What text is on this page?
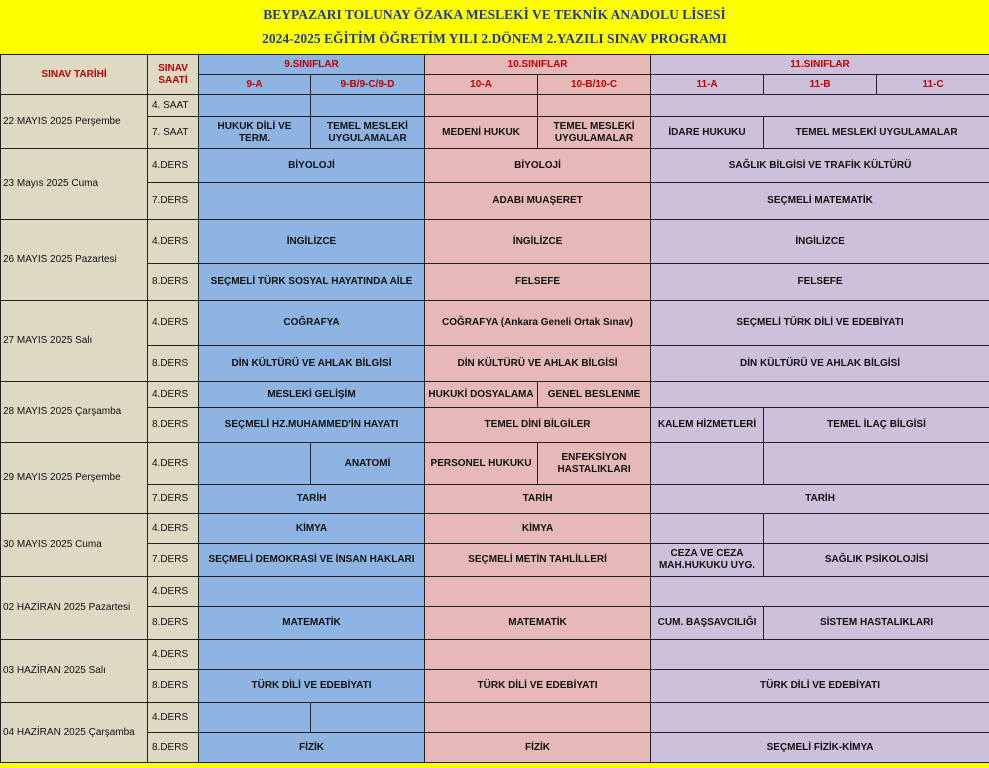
BEYPAZARI TOLUNAY ÖZAKA MESLEKİ VE TEKNİK ANADOLU LİSESİ
2024-2025 EĞİTİM ÖĞRETİM YILI 2.DÖNEM 2.YAZILI SINAV PROGRAMI
SINAV TARİHİ	SINAV SAATİ	9.SINIFLAR		10.SINIFLAR		11.SINIFLAR		
		9-A	9-B/9-C/9-D	10-A	10-B/10-C	11-A	11-B	11-C
22 MAYIS 2025 Perşembe	4. SAAT							
	7. SAAT	HUKUK DİLİ VE TERM.	TEMEL MESLEKİ UYGULAMALAR	MEDENİ HUKUK	TEMEL MESLEKİ UYGULAMALAR	İDARE HUKUKU	TEMEL MESLEKİ UYGULAMALAR	
23 Mayıs 2025 Cuma	4.DERS	BİYOLOJİ		BİYOLOJİ		SAĞLIK BİLGİSİ VE TRAFİK KÜLTÜRÜ		
	7.DERS			ADABI MUAŞERET		SEÇMELİ MATEMATİK		
26 MAYIS 2025 Pazartesi	4.DERS	İNGİLİZCE		İNGİLİZCE		İNGİLİZCE		
	8.DERS	SEÇMELİ TÜRK SOSYAL HAYATINDA AİLE		FELSEFE		FELSEFE		
27 MAYIS 2025 Salı	4.DERS	COĞRAFYA		COĞRAFYA (Ankara Geneli Ortak Sınav)		SEÇMELİ TÜRK DİLİ VE EDEBİYATI		
	8.DERS	DİN KÜLTÜRÜ VE AHLAK BİLGİSİ		DİN KÜLTÜRÜ VE AHLAK BİLGİSİ		DİN KÜLTÜRÜ VE AHLAK BİLGİSİ		
28 MAYIS 2025 Çarşamba	4.DERS	MESLEKİ GELİŞİM		HUKUKİ DOSYALAMA	GENEL BESLENME			
	8.DERS	SEÇMELİ HZ.MUHAMMED'İN HAYATI		TEMEL DİNİ BİLGİLER		KALEM HİZMETLERİ	TEMEL İLAÇ BİLGİSİ	
29 MAYIS 2025 Perşembe	4.DERS		ANATOMİ	PERSONEL HUKUKU	ENFEKSİYON HASTALIKLARI			
	7.DERS	TARİH		TARİH		TARİH		
30 MAYIS 2025 Cuma	4.DERS	KİMYA		KİMYA				
	7.DERS	SEÇMELİ DEMOKRASİ VE İNSAN HAKLARI		SEÇMELİ METİN TAHLİLLERİ		CEZA VE CEZA MAH.HUKUKU UYG.	SAĞLIK PSİKOLOJİSİ	
02 HAZİRAN 2025 Pazartesi	4.DERS							
	8.DERS	MATEMATİK		MATEMATİK		CUM. BAŞSAVCILIĞI	SİSTEM HASTALIKLARI	
03 HAZİRAN 2025 Salı	4.DERS							
	8.DERS	TÜRK DİLİ VE EDEBİYATI		TÜRK DİLİ VE EDEBİYATI		TÜRK DİLİ VE EDEBİYATI		
04 HAZİRAN 2025 Çarşamba	4.DERS							
	8.DERS	FİZİK		FİZİK		SEÇMELİ FİZİK-KİMYA		
